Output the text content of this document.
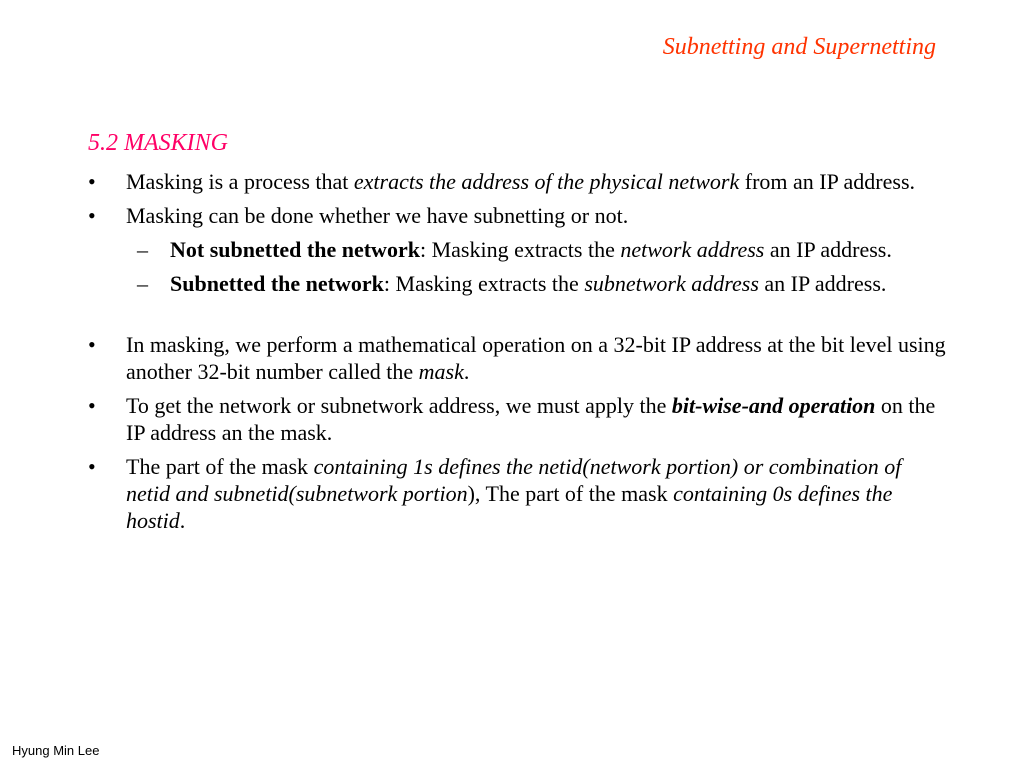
Subnetting and Supernetting
5.2 MASKING
• Masking is a process that extracts the address of the physical network from an IP address.
• Masking can be done whether we have subnetting or not.
– Not subnetted the network: Masking extracts the network address an IP address.
– Subnetted the network: Masking extracts the subnetwork address an IP address.
• In masking, we perform a mathematical operation on a 32-bit IP address at the bit level using another 32-bit number called the mask.
• To get the network or subnetwork address, we must apply the bit-wise-and operation on the IP address an the mask.
• The part of the mask containing 1s defines the netid(network portion) or combination of netid and subnetid(subnetwork portion), The part of the mask containing 0s defines the hostid.
Hyung Min Lee
